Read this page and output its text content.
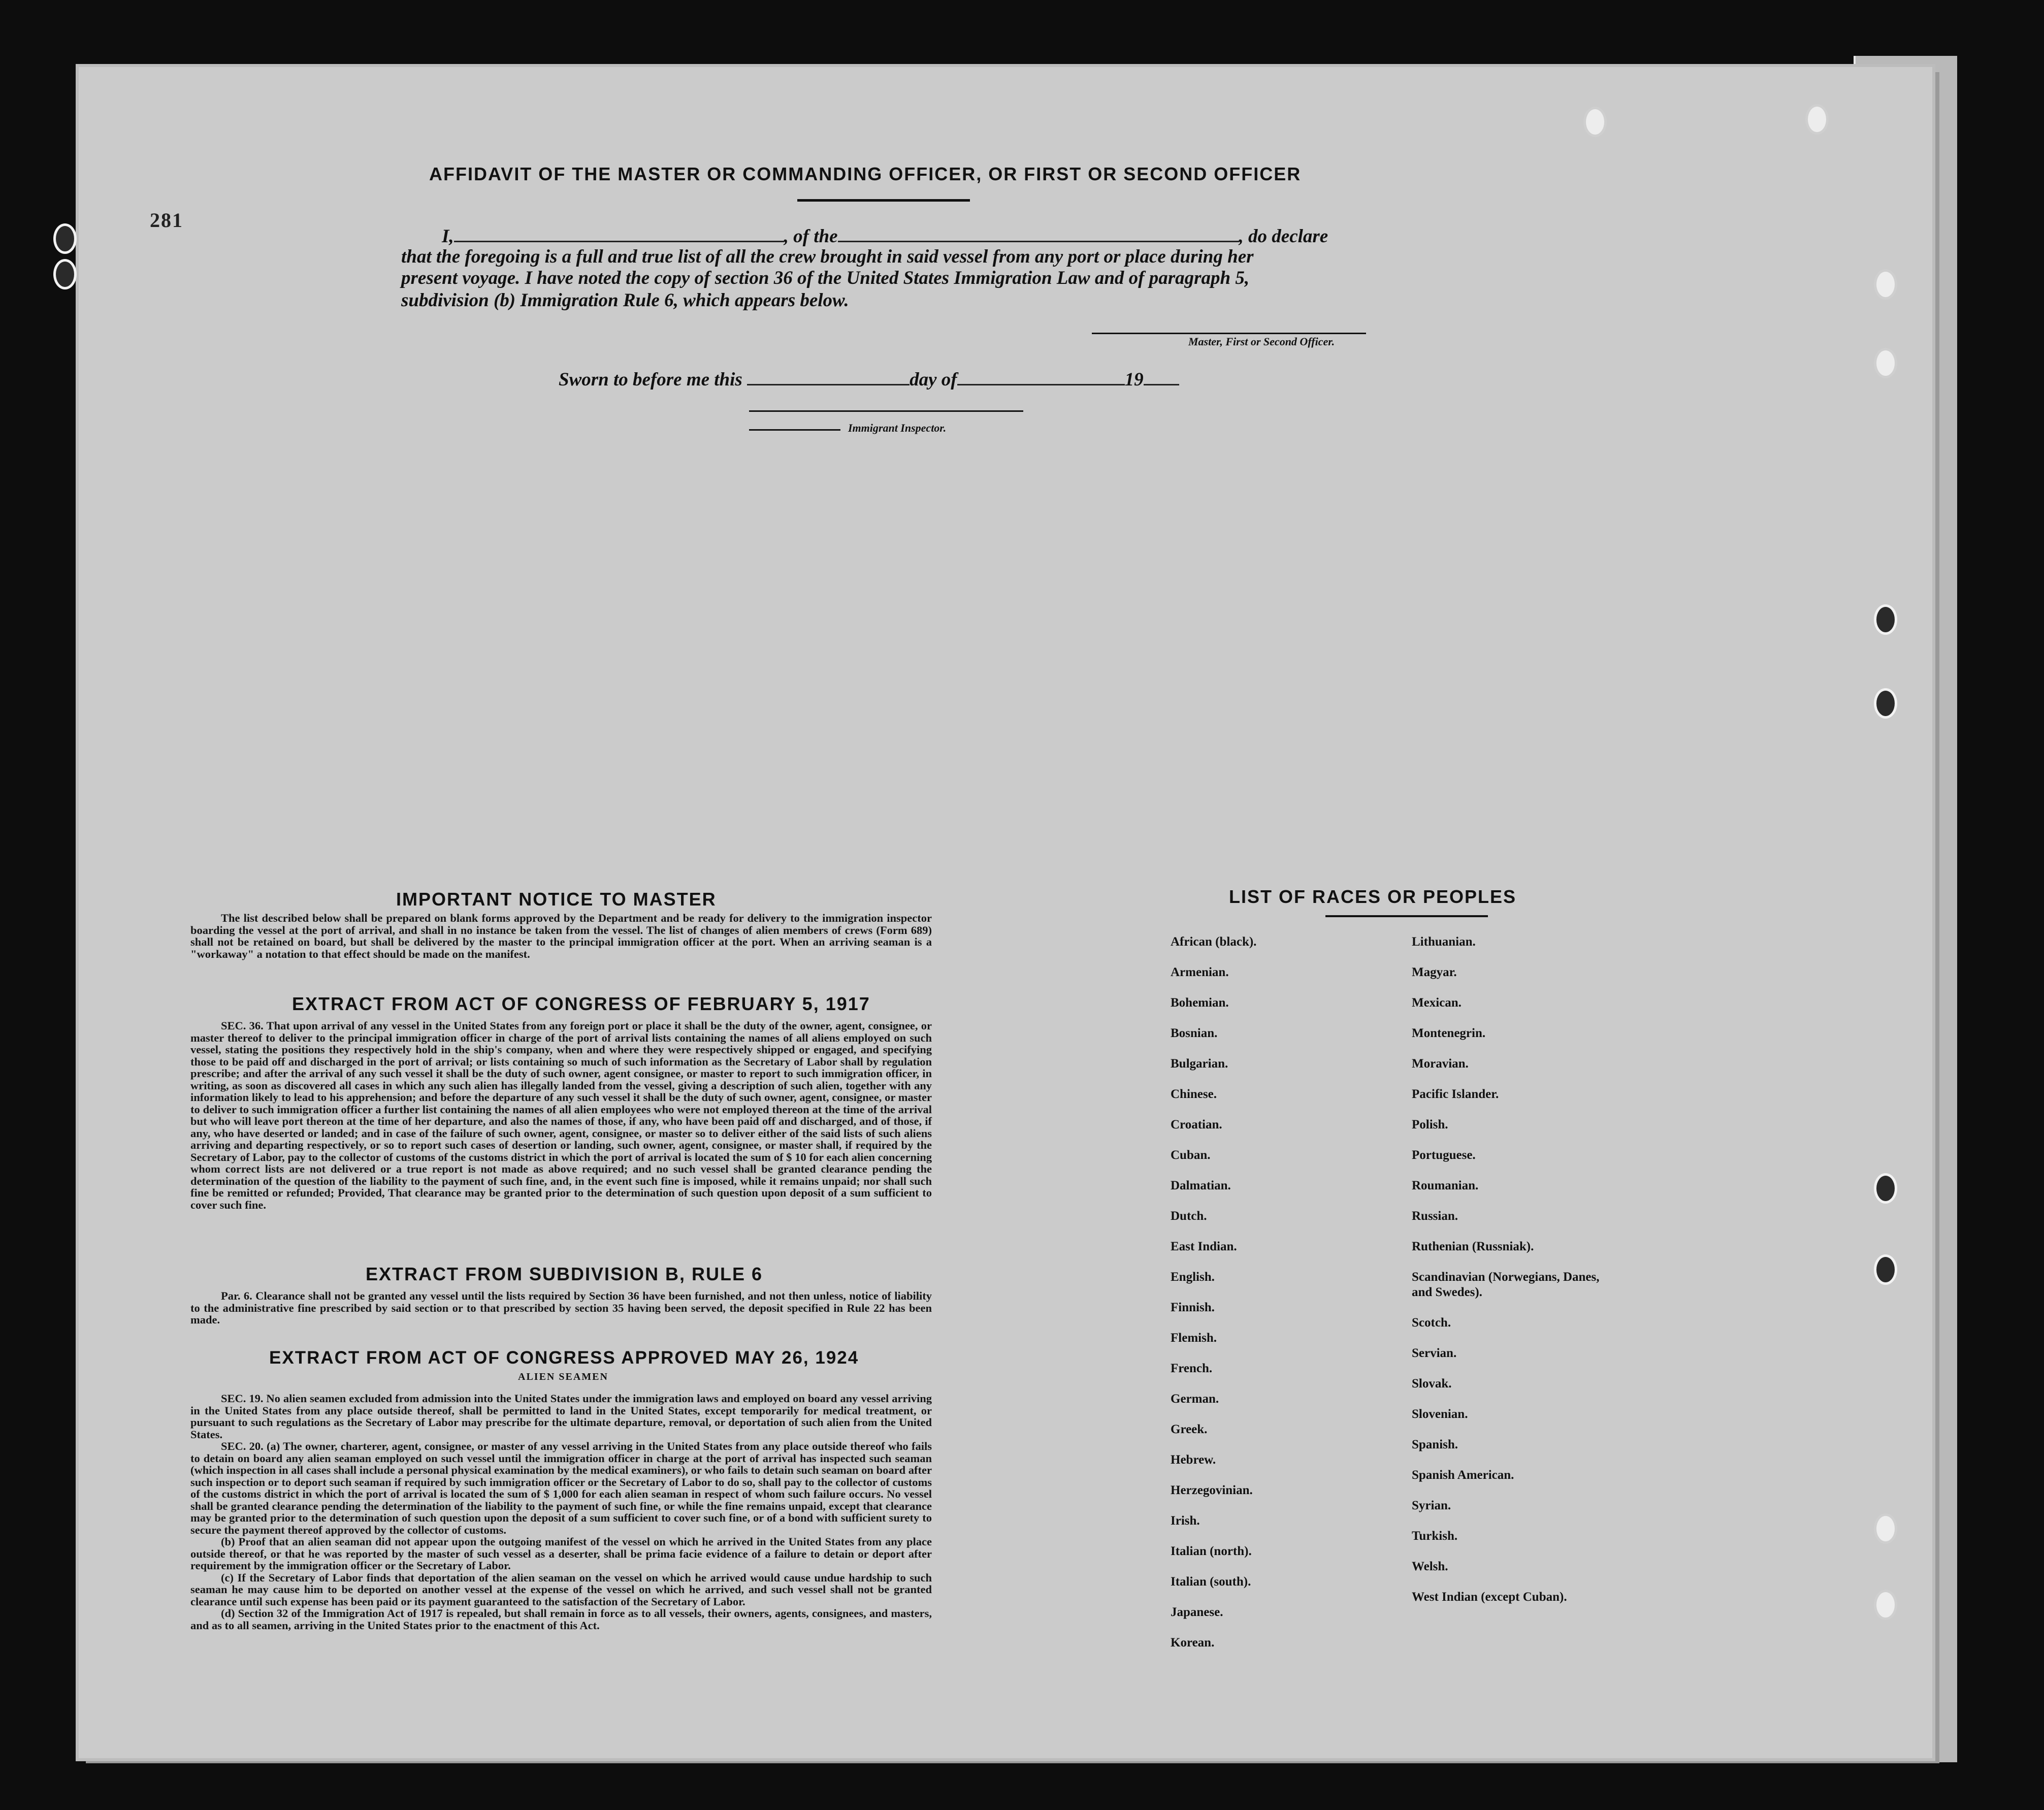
281
AFFIDAVIT OF THE MASTER OR COMMANDING OFFICER, OR FIRST OR SECOND OFFICER
I,	, of the	, do declare
that the foregoing is a full and true list of all the crew brought in said vessel from any port or place during her
present voyage. I have noted the copy of section 36 of the United States Immigration Law and of paragraph 5,
subdivision (b) Immigration Rule 6, which appears below.
Master, First or Second Officer.
Sworn to before me this	day of	19
Immigrant Inspector.
IMPORTANT NOTICE TO MASTER

The list described below shall be prepared on blank forms approved by the Department and be ready for delivery to the immigration inspector boarding the vessel at the port of arrival, and shall in no instance be taken from the vessel. The list of changes of alien members of crews (Form 689) shall not be retained on board, but shall be delivered by the master to the principal immigration officer at the port. When an arriving seaman is a "workaway" a notation to that effect should be made on the manifest.

EXTRACT FROM ACT OF CONGRESS OF FEBRUARY 5, 1917

SEC. 36. That upon arrival of any vessel in the United States from any foreign port or place it shall be the duty of the owner, agent, consignee, or master thereof to deliver to the principal immigration officer in charge of the port of arrival lists containing the names of all aliens employed on such vessel, stating the positions they respectively hold in the ship's company, when and where they were respectively shipped or engaged, and specifying those to be paid off and discharged in the port of arrival; or lists containing so much of such information as the Secretary of Labor shall by regulation prescribe; and after the arrival of any such vessel it shall be the duty of such owner, agent consignee, or master to report to such immigration officer, in writing, as soon as discovered all cases in which any such alien has illegally landed from the vessel, giving a description of such alien, together with any information likely to lead to his apprehension; and before the departure of any such vessel it shall be the duty of such owner, agent, consignee, or master to deliver to such immigration officer a further list containing the names of all alien employees who were not employed thereon at the time of the arrival but who will leave port thereon at the time of her departure, and also the names of those, if any, who have been paid off and discharged, and of those, if any, who have deserted or landed; and in case of the failure of such owner, agent, consignee, or master so to deliver either of the said lists of such aliens arriving and departing respectively, or so to report such cases of desertion or landing, such owner, agent, consignee, or master shall, if required by the Secretary of Labor, pay to the collector of customs of the customs district in which the port of arrival is located the sum of $ 10 for each alien concerning whom correct lists are not delivered or a true report is not made as above required; and no such vessel shall be granted clearance pending the determination of the question of the liability to the payment of such fine, and, in the event such fine is imposed, while it remains unpaid; nor shall such fine be remitted or refunded; Provided, That clearance may be granted prior to the determination of such question upon deposit of a sum sufficient to cover such fine.

EXTRACT FROM SUBDIVISION B, RULE 6

Par. 6. Clearance shall not be granted any vessel until the lists required by Section 36 have been furnished, and not then unless, notice of liability to the administrative fine prescribed by said section or to that prescribed by section 35 having been served, the deposit specified in Rule 22 has been made.

EXTRACT FROM ACT OF CONGRESS APPROVED MAY 26, 1924
ALIEN SEAMEN

SEC. 19. No alien seamen excluded from admission into the United States under the immigration laws and employed on board any vessel arriving in the United States from any place outside thereof, shall be permitted to land in the United States, except temporarily for medical treatment, or pursuant to such regulations as the Secretary of Labor may prescribe for the ultimate departure, removal, or deportation of such alien from the United States.

SEC. 20. (a) The owner, charterer, agent, consignee, or master of any vessel arriving in the United States from any place outside thereof who fails to detain on board any alien seaman employed on such vessel until the immigration officer in charge at the port of arrival has inspected such seaman (which inspection in all cases shall include a personal physical examination by the medical examiners), or who fails to detain such seaman on board after such inspection or to deport such seaman if required by such immigration officer or the Secretary of Labor to do so, shall pay to the collector of customs of the customs district in which the port of arrival is located the sum of $ 1,000 for each alien seaman in respect of whom such failure occurs. No vessel shall be granted clearance pending the determination of the liability to the payment of such fine, or while the fine remains unpaid, except that clearance may be granted prior to the determination of such question upon the deposit of a sum sufficient to cover such fine, or of a bond with sufficient surety to secure the payment thereof approved by the collector of customs.

(b) Proof that an alien seaman did not appear upon the outgoing manifest of the vessel on which he arrived in the United States from any place outside thereof, or that he was reported by the master of such vessel as a deserter, shall be prima facie evidence of a failure to detain or deport after requirement by the immigration officer or the Secretary of Labor.

(c) If the Secretary of Labor finds that deportation of the alien seaman on the vessel on which he arrived would cause undue hardship to such seaman he may cause him to be deported on another vessel at the expense of the vessel on which he arrived, and such vessel shall not be granted clearance until such expense has been paid or its payment guaranteed to the satisfaction of the Secretary of Labor.

(d) Section 32 of the Immigration Act of 1917 is repealed, but shall remain in force as to all vessels, their owners, agents, consignees, and masters, and as to all seamen, arriving in the United States prior to the enactment of this Act.

LIST OF RACES OR PEOPLES
African (black).
Armenian.
Bohemian.
Bosnian.
Bulgarian.
Chinese.
Croatian.
Cuban.
Dalmatian.
Dutch.
East Indian.
English.
Finnish.
Flemish.
French.
German.
Greek.
Hebrew.
Herzegovinian.
Irish.
Italian (north).
Italian (south).
Japanese.
Korean.
Lithuanian.
Magyar.
Mexican.
Montenegrin.
Moravian.
Pacific Islander.
Polish.
Portuguese.
Roumanian.
Russian.
Ruthenian (Russniak).
Scandinavian (Norwegians, Danes, and Swedes).
Scotch.
Servian.
Slovak.
Slovenian.
Spanish.
Spanish American.
Syrian.
Turkish.
Welsh.
West Indian (except Cuban).
